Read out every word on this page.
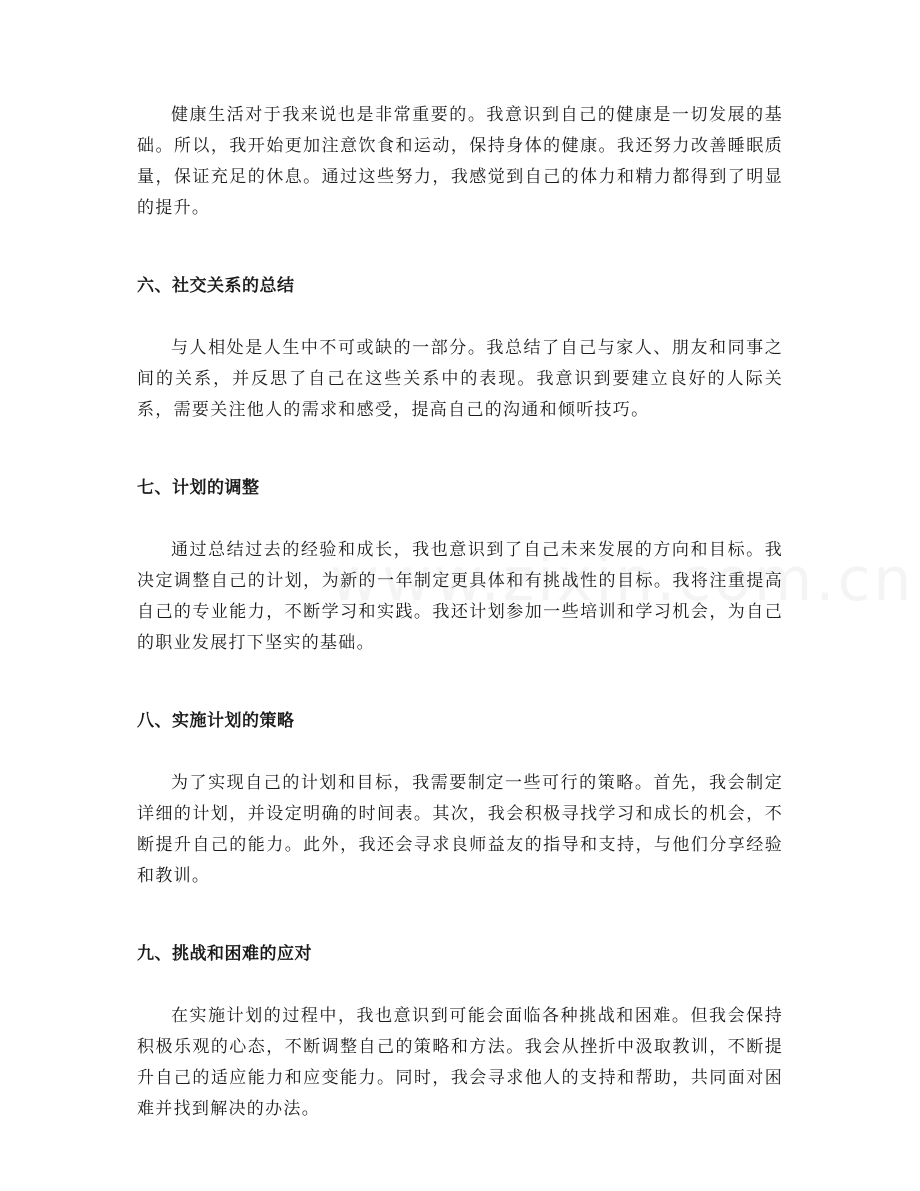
健康生活对于我来说也是非常重要的。我意识到自己的健康是一切发展的基础。所以，我开始更加注意饮食和运动，保持身体的健康。我还努力改善睡眠质量，保证充足的休息。通过这些努力，我感觉到自己的体力和精力都得到了明显的提升。

六、社交关系的总结

与人相处是人生中不可或缺的一部分。我总结了自己与家人、朋友和同事之间的关系，并反思了自己在这些关系中的表现。我意识到要建立良好的人际关系，需要关注他人的需求和感受，提高自己的沟通和倾听技巧。

七、计划的调整

通过总结过去的经验和成长，我也意识到了自己未来发展的方向和目标。我决定调整自己的计划，为新的一年制定更具体和有挑战性的目标。我将注重提高自己的专业能力，不断学习和实践。我还计划参加一些培训和学习机会，为自己的职业发展打下坚实的基础。

八、实施计划的策略

为了实现自己的计划和目标，我需要制定一些可行的策略。首先，我会制定详细的计划，并设定明确的时间表。其次，我会积极寻找学习和成长的机会，不断提升自己的能力。此外，我还会寻求良师益友的指导和支持，与他们分享经验和教训。

九、挑战和困难的应对

在实施计划的过程中，我也意识到可能会面临各种挑战和困难。但我会保持积极乐观的心态，不断调整自己的策略和方法。我会从挫折中汲取教训，不断提升自己的适应能力和应变能力。同时，我会寻求他人的支持和帮助，共同面对困难并找到解决的办法。
